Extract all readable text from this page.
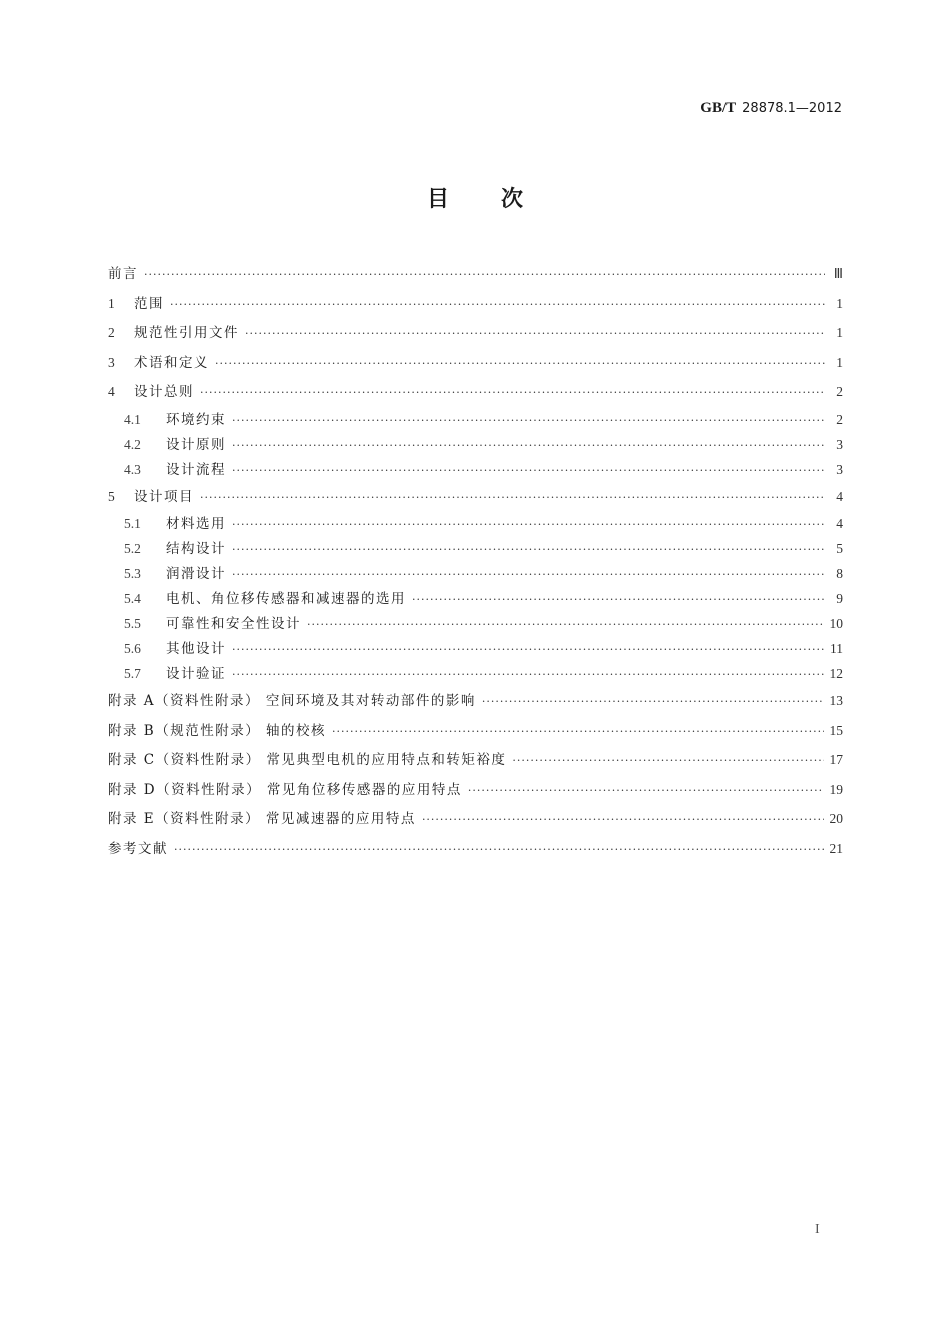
GB/T 28878.1—2012
目 次
前言 ·····	Ⅲ
1	范围 ·····	1
2	规范性引用文件 ·····	1
3	术语和定义 ·····	1
4	设计总则 ·····	2
4.1	环境约束 ·····	2
4.2	设计原则 ·····	3
4.3	设计流程 ·····	3
5	设计项目 ·····	4
5.1	材料选用 ·····	4
5.2	结构设计 ·····	5
5.3	润滑设计 ·····	8
5.4	电机、角位移传感器和减速器的选用 ·····	9
5.5	可靠性和安全性设计 ·····	10
5.6	其他设计 ·····	11
5.7	设计验证 ·····	12
附录 A（资料性附录） 空间环境及其对转动部件的影响 ·····	13
附录 B（规范性附录） 轴的校核 ·····	15
附录 C（资料性附录） 常见典型电机的应用特点和转矩裕度 ·····	17
附录 D（资料性附录） 常见角位移传感器的应用特点 ·····	19
附录 E（资料性附录） 常见减速器的应用特点 ·····	20
参考文献 ·····	21
I
